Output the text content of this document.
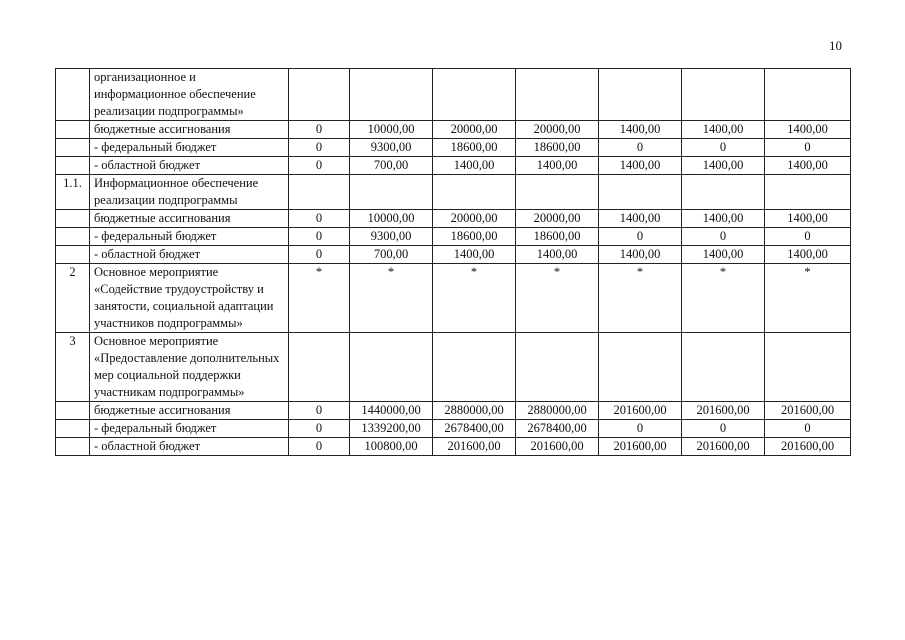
10
	организационное и информационное обеспечение реализации подпрограммы»							
	бюджетные ассигнования	0	10000,00	20000,00	20000,00	1400,00	1400,00	1400,00
	- федеральный бюджет	0	9300,00	18600,00	18600,00	0	0	0
	- областной бюджет	0	700,00	1400,00	1400,00	1400,00	1400,00	1400,00
1.1.	Информационное обеспечение реализации подпрограммы							
	бюджетные ассигнования	0	10000,00	20000,00	20000,00	1400,00	1400,00	1400,00
	- федеральный бюджет	0	9300,00	18600,00	18600,00	0	0	0
	- областной бюджет	0	700,00	1400,00	1400,00	1400,00	1400,00	1400,00
2	Основное мероприятие «Содействие трудоустройству и занятости, социальной адаптации участников подпрограммы»	*	*	*	*	*	*	*
3	Основное мероприятие «Предоставление дополнительных мер социальной поддержки участникам подпрограммы»							
	бюджетные ассигнования	0	1440000,00	2880000,00	2880000,00	201600,00	201600,00	201600,00
	- федеральный бюджет	0	1339200,00	2678400,00	2678400,00	0	0	0
	- областной бюджет	0	100800,00	201600,00	201600,00	201600,00	201600,00	201600,00
